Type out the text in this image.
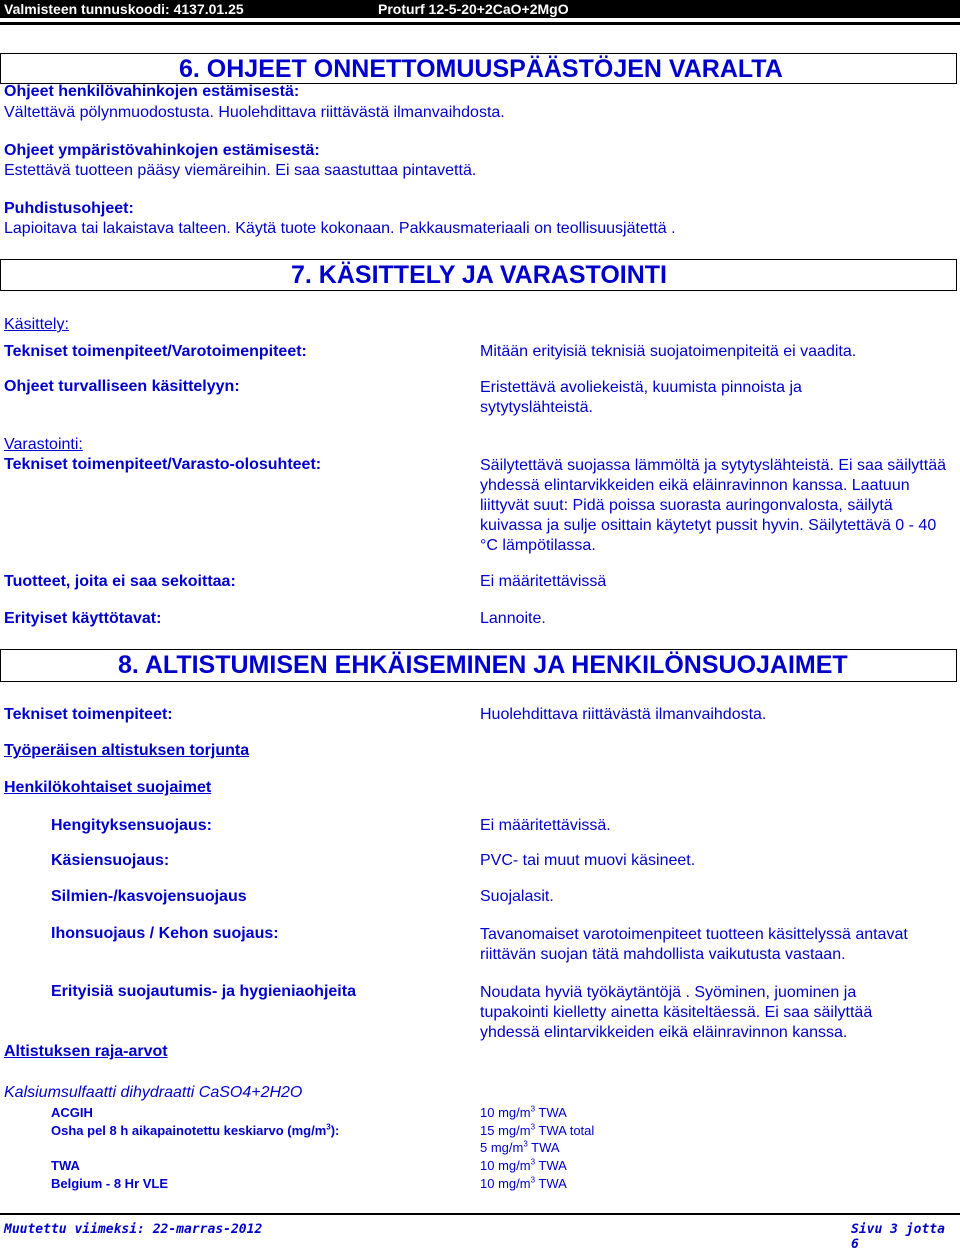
Valmisteen tunnuskoodi: 4137.01.25	Proturf 12-5-20+2CaO+2MgO
6. OHJEET ONNETTOMUUSPÄÄSTÖJEN VARALTA
Ohjeet henkilövahinkojen estämisestä:
Vältettävä pölynmuodostusta. Huolehdittava riittävästä ilmanvaihdosta.
Ohjeet ympäristövahinkojen estämisestä:
Estettävä tuotteen pääsy viemäreihin. Ei saa saastuttaa pintavettä.
Puhdistusohjeet:
Lapioitava tai lakaistava talteen. Käytä tuote kokonaan. Pakkausmateriaali on teollisuusjätettä .
7. KÄSITTELY JA VARASTOINTI
Käsittely:
Tekniset toimenpiteet/Varotoimenpiteet:	Mitään erityisiä teknisiä suojatoimenpiteitä ei vaadita.
Ohjeet turvalliseen käsittelyyn:	Eristettävä avoliekeistä, kuumista pinnoista ja sytytyslähteistä.
Varastointi:
Tekniset toimenpiteet/Varasto-olosuhteet:	Säilytettävä suojassa lämmöltä ja sytytyslähteistä. Ei saa säilyttää yhdessä elintarvikkeiden eikä eläinravinnon kanssa. Laatuun liittyvät suut: Pidä poissa suorasta auringonvalosta, säilytä kuivassa ja sulje osittain käytetyt pussit hyvin. Säilytettävä 0 - 40 °C lämpötilassa.
Tuotteet, joita ei saa sekoittaa:	Ei määritettävissä
Erityiset käyttötavat:	Lannoite.
8. ALTISTUMISEN EHKÄISEMINEN JA HENKILÖNSUOJAIMET
Tekniset toimenpiteet:	Huolehdittava riittävästä ilmanvaihdosta.
Työperäisen altistuksen torjunta
Henkilökohtaiset suojaimet
Hengityksensuojaus:	Ei määritettävissä.
Käsiensuojaus:	PVC- tai muut muovi käsineet.
Silmien-/kasvojensuojaus	Suojalasit.
Ihonsuojaus / Kehon suojaus:	Tavanomaiset varotoimenpiteet tuotteen käsittelyssä antavat riittävän suojan tätä mahdollista vaikutusta vastaan.
Erityisiä suojautumis- ja hygieniaohjeita	Noudata hyviä työkäytäntöjä . Syöminen, juominen ja tupakointi kielletty ainetta käsiteltäessä. Ei saa säilyttää yhdessä elintarvikkeiden eikä eläinravinnon kanssa.
Altistuksen raja-arvot
Kalsiumsulfaatti dihydraatti CaSO4+2H2O
ACGIH	10 $mg/m^3$ TWA
Osha pel 8 h aikapainotettu keskiarvo $(mg/m^3)$:	15 $mg/m^3$ TWA total
5 $mg/m^3$ TWA
TWA	10 $mg/m^3$ TWA
Belgium - 8 Hr VLE	10 $mg/m^3$ TWA
Muutettu viimeksi: 22-marras-2012	Sivu 3 jotta 6
